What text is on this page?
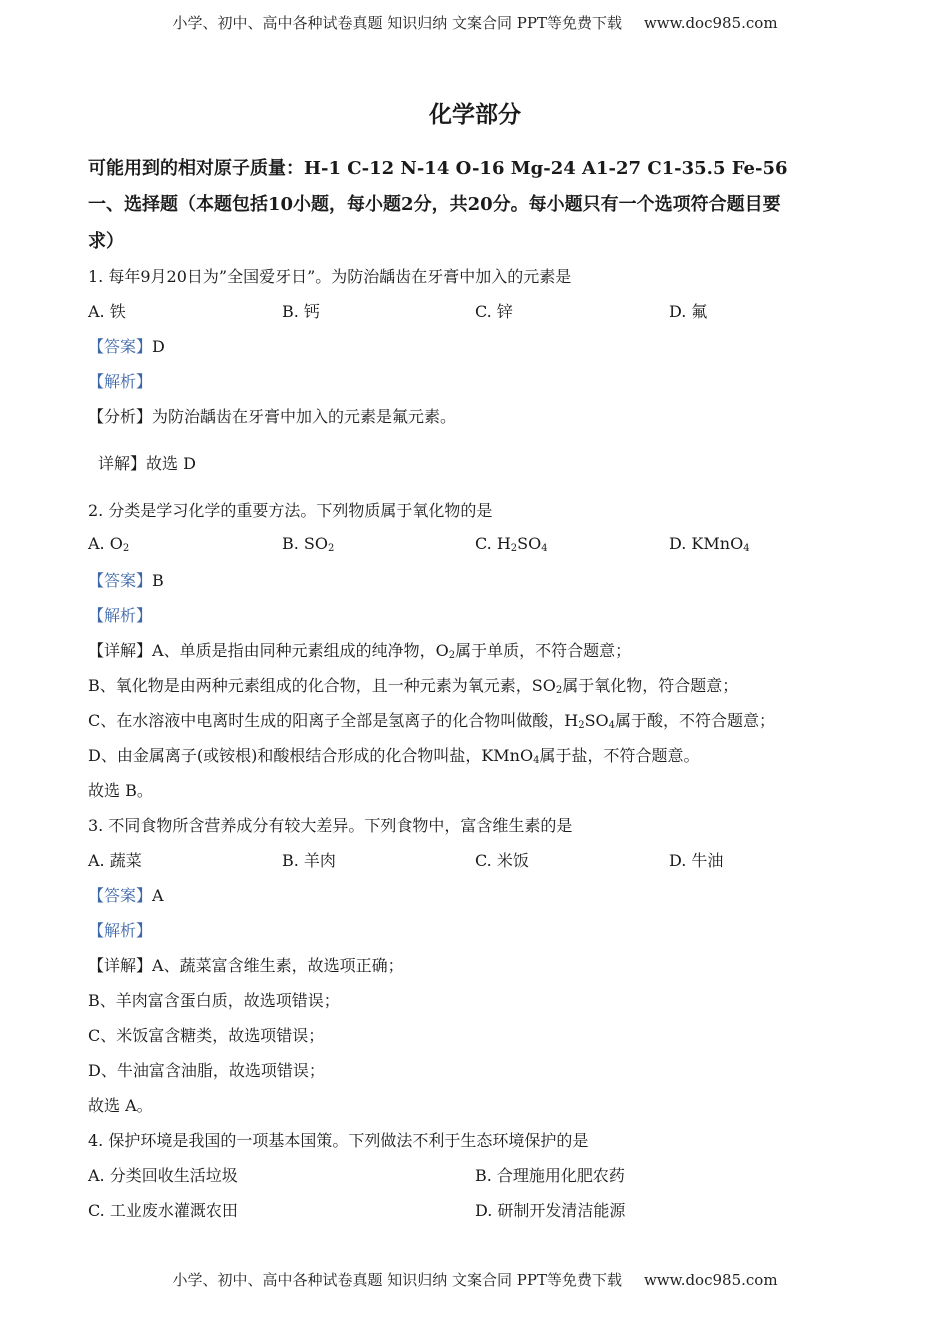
小学、初中、高中各种试卷真题 知识归纳 文案合同 PPT等免费下载 www.doc985.com
化学部分
可能用到的相对原子质量：H-1 C-12 N-14 O-16 Mg-24 A1-27 C1-35.5 Fe-56
一、选择题（本题包括10小题，每小题2分，共20分。每小题只有一个选项符合题目要
求）
1. 每年9月20日为”全国爱牙日”。为防治龋齿在牙膏中加入的元素是
A. 铁	B. 钙	C. 锌	D. 氟
【答案】D
【解析】
【分析】为防治龋齿在牙膏中加入的元素是氟元素。
详解】故选 D
2. 分类是学习化学的重要方法。下列物质属于氧化物的是
A. $O_2$	B. $SO_2$	C. $H_2SO_4$	D. KMnO$_4$
【答案】B
【解析】
【详解】A、单质是指由同种元素组成的纯净物，$O_2$属于单质，不符合题意；
B、氧化物是由两种元素组成的化合物，且一种元素为氧元素，$SO_2$属于氧化物，符合题意；
C、在水溶液中电离时生成的阳离子全部是氢离子的化合物叫做酸，$H_2SO_4$属于酸，不符合题意；
D、由金属离子(或铵根)和酸根结合形成的化合物叫盐，KMnO$_4$属于盐，不符合题意。
故选 B。
3. 不同食物所含营养成分有较大差异。下列食物中，富含维生素的是
A. 蔬菜	B. 羊肉	C. 米饭	D. 牛油
【答案】A
【解析】
【详解】A、蔬菜富含维生素，故选项正确；
B、羊肉富含蛋白质，故选项错误；
C、米饭富含糖类，故选项错误；
D、牛油富含油脂，故选项错误；
故选 A。
4. 保护环境是我国的一项基本国策。下列做法不利于生态环境保护的是
A. 分类回收生活垃圾	B. 合理施用化肥农药
C. 工业废水灌溉农田	D. 研制开发清洁能源
小学、初中、高中各种试卷真题 知识归纳 文案合同 PPT等免费下载 www.doc985.com
